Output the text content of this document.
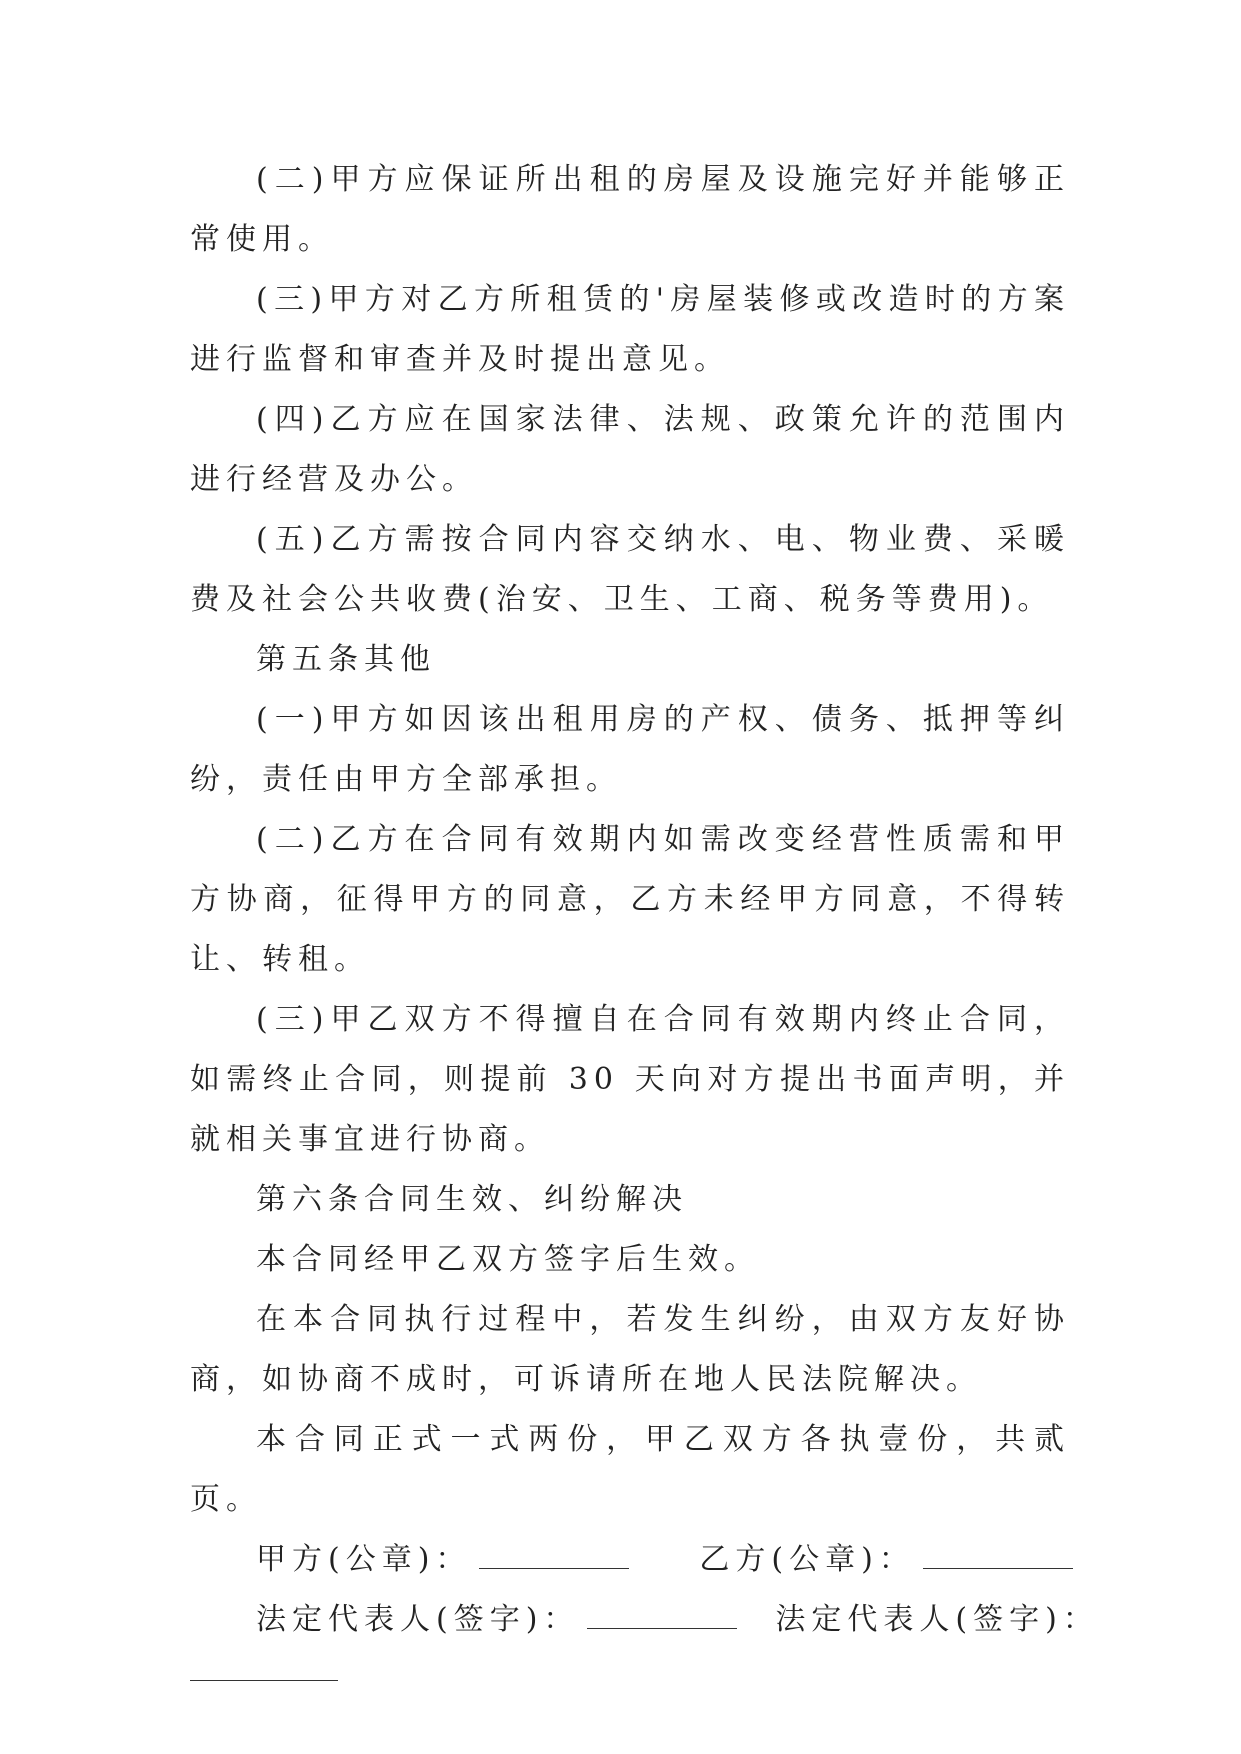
(二)甲方应保证所出租的房屋及设施完好并能够正常使用。

(三)甲方对乙方所租赁的'房屋装修或改造时的方案进行监督和审查并及时提出意见。

(四)乙方应在国家法律、法规、政策允许的范围内进行经营及办公。

(五)乙方需按合同内容交纳水、电、物业费、采暖费及社会公共收费(治安、卫生、工商、税务等费用)。

第五条其他

(一)甲方如因该出租用房的产权、债务、抵押等纠纷，责任由甲方全部承担。

(二)乙方在合同有效期内如需改变经营性质需和甲方协商，征得甲方的同意，乙方未经甲方同意，不得转让、转租。

(三)甲乙双方不得擅自在合同有效期内终止合同，如需终止合同，则提前 30 天向对方提出书面声明，并就相关事宜进行协商。

第六条合同生效、纠纷解决

本合同经甲乙双方签字后生效。

在本合同执行过程中，若发生纠纷，由双方友好协商，如协商不成时，可诉请所在地人民法院解决。

本合同正式一式两份，甲乙双方各执壹份，共贰页。

甲方(公章)：	乙方(公章)：
法定代表人(签字)：	法定代表人(签字)：
